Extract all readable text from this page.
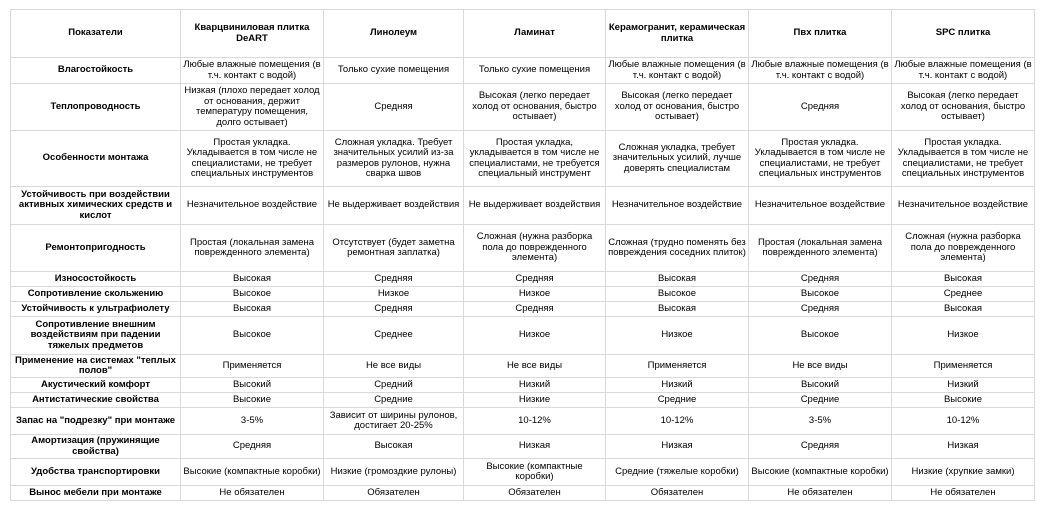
Показатели	Кварцвиниловая плитка DeART	Линолеум	Ламинат	Керамогранит, керамическая плитка	Пвх плитка	SPC плитка
Влагостойкость	Любые влажные помещения (в т.ч. контакт с водой)	Только сухие помещения	Только сухие помещения	Любые влажные помещения (в т.ч. контакт с водой)	Любые влажные помещения (в т.ч. контакт с водой)	Любые влажные помещения (в т.ч. контакт с водой)
Теплопроводность	Низкая (плохо передает холод от основания, держит температуру помещения, долго остывает)	Средняя	Высокая (легко передает холод от основания, быстро остывает)	Высокая (легко передает холод от основания, быстро остывает)	Средняя	Высокая (легко передает холод от основания, быстро остывает)
Особенности монтажа	Простая укладка. Укладывается в том числе не специалистами, не требует специальных инструментов	Сложная укладка. Требует значительных усилий из-за размеров рулонов, нужна сварка швов	Простая укладка, укладывается в том числе не специалистами, не требуется специальный инструмент	Сложная укладка, требует значительных усилий, лучше доверять специалистам	Простая укладка. Укладывается в том числе не специалистами, не требует специальных инструментов	Простая укладка. Укладывается в том числе не специалистами, не требует специальных инструментов
Устойчивость при воздействии активных химических средств и кислот	Незначительное воздействие	Не выдерживает воздействия	Не выдерживает воздействия	Незначительное воздействие	Незначительное воздействие	Незначительное воздействие
Ремонтопригодность	Простая (локальная замена поврежденного элемента)	Отсутствует (будет заметна ремонтная заплатка)	Сложная (нужна разборка пола до поврежденного элемента)	Сложная (трудно поменять без повреждения соседних плиток)	Простая (локальная замена поврежденного элемента)	Сложная (нужна разборка пола до поврежденного элемента)
Износостойкость	Высокая	Средняя	Средняя	Высокая	Средняя	Высокая
Сопротивление скольжению	Высокое	Низкое	Низкое	Высокое	Высокое	Среднее
Устойчивость к ультрафиолету	Высокая	Средняя	Средняя	Высокая	Средняя	Высокая
Сопротивление внешним воздействиям при падении тяжелых предметов	Высокое	Среднее	Низкое	Низкое	Высокое	Низкое
Применение на системах "теплых полов"	Применяется	Не все виды	Не все виды	Применяется	Не все виды	Применяется
Акустический комфорт	Высокий	Средний	Низкий	Низкий	Высокий	Низкий
Антистатические свойства	Высокие	Средние	Низкие	Средние	Средние	Высокие
Запас на "подрезку" при монтаже	3-5%	Зависит от ширины рулонов, достигает 20-25%	10-12%	10-12%	3-5%	10-12%
Амортизация (пружинящие свойства)	Средняя	Высокая	Низкая	Низкая	Средняя	Низкая
Удобства транспортировки	Высокие (компактные коробки)	Низкие (громоздкие рулоны)	Высокие (компактные коробки)	Средние (тяжелые коробки)	Высокие (компактные коробки)	Низкие (хрупкие замки)
Вынос мебели при монтаже	Не обязателен	Обязателен	Обязателен	Обязателен	Не обязателен	Не обязателен
